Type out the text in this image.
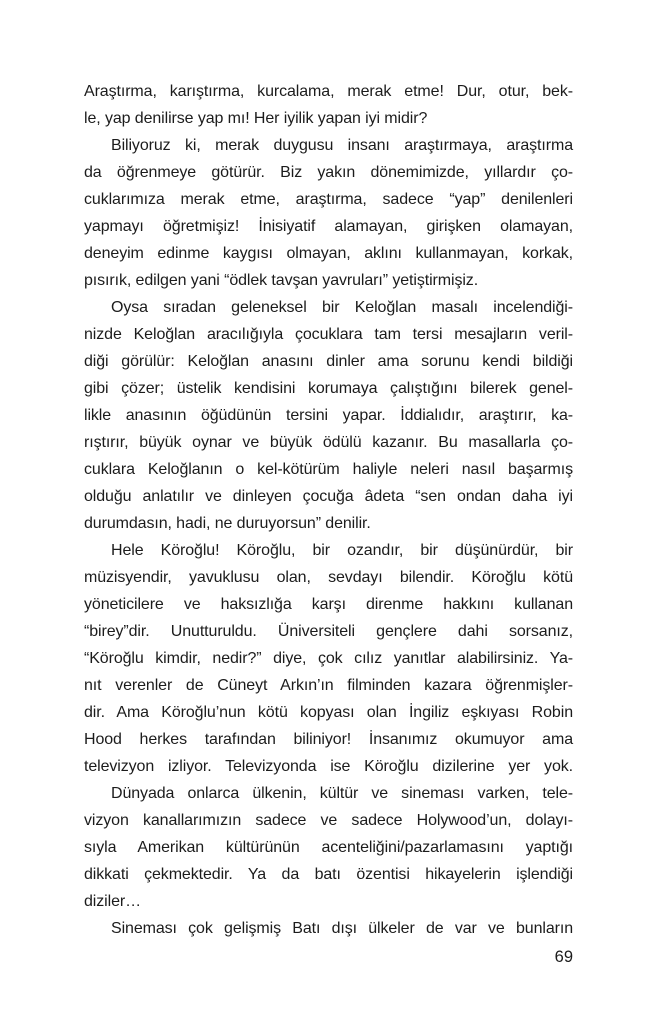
Araştırma, karıştırma, kurcalama, merak etme! Dur, otur, bek-
le, yap denilirse yap mı! Her iyilik yapan iyi midir?

Biliyoruz ki, merak duygusu insanı araştırmaya, araştırma
da öğrenmeye götürür. Biz yakın dönemimizde, yıllardır ço-
cuklarımıza merak etme, araştırma, sadece “yap” denilenleri
yapmayı öğretmişiz! İnisiyatif alamayan, girişken olamayan,
deneyim edinme kaygısı olmayan, aklını kullanmayan, korkak,
pısırık, edilgen yani “ödlek tavşan yavruları” yetiştirmişiz.

Oysa sıradan geleneksel bir Keloğlan masalı incelendiği-
nizde Keloğlan aracılığıyla çocuklara tam tersi mesajların veril-
diği görülür: Keloğlan anasını dinler ama sorunu kendi bildiği
gibi çözer; üstelik kendisini korumaya çalıştığını bilerek genel-
likle anasının öğüdünün tersini yapar. İddialıdır, araştırır, ka-
rıştırır, büyük oynar ve büyük ödülü kazanır. Bu masallarla ço-
cuklara Keloğlanın o kel-kötürüm haliyle neleri nasıl başarmış
olduğu anlatılır ve dinleyen çocuğa âdeta “sen ondan daha iyi
durumdasın, hadi, ne duruyorsun” denilir.

Hele Köroğlu! Köroğlu, bir ozandır, bir düşünürdür, bir
müzisyendir, yavuklusu olan, sevdayı bilendir. Köroğlu kötü
yöneticilere ve haksızlığa karşı direnme hakkını kullanan
“birey”dir. Unutturuldu. Üniversiteli gençlere dahi sorsanız,
“Köroğlu kimdir, nedir?” diye, çok cılız yanıtlar alabilirsiniz. Ya-
nıt verenler de Cüneyt Arkın’ın filminden kazara öğrenmişler-
dir. Ama Köroğlu’nun kötü kopyası olan İngiliz eşkıyası Robin
Hood herkes tarafından biliniyor! İnsanımız okumuyor ama
televizyon izliyor. Televizyonda ise Köroğlu dizilerine yer yok.

Dünyada onlarca ülkenin, kültür ve sineması varken, tele-
vizyon kanallarımızın sadece ve sadece Holywood’un, dolayı-
sıyla Amerikan kültürünün acenteliğini/pazarlamasını yaptığı
dikkati çekmektedir. Ya da batı özentisi hikayelerin işlendiği
diziler…

Sineması çok gelişmiş Batı dışı ülkeler de var ve bunların

69
